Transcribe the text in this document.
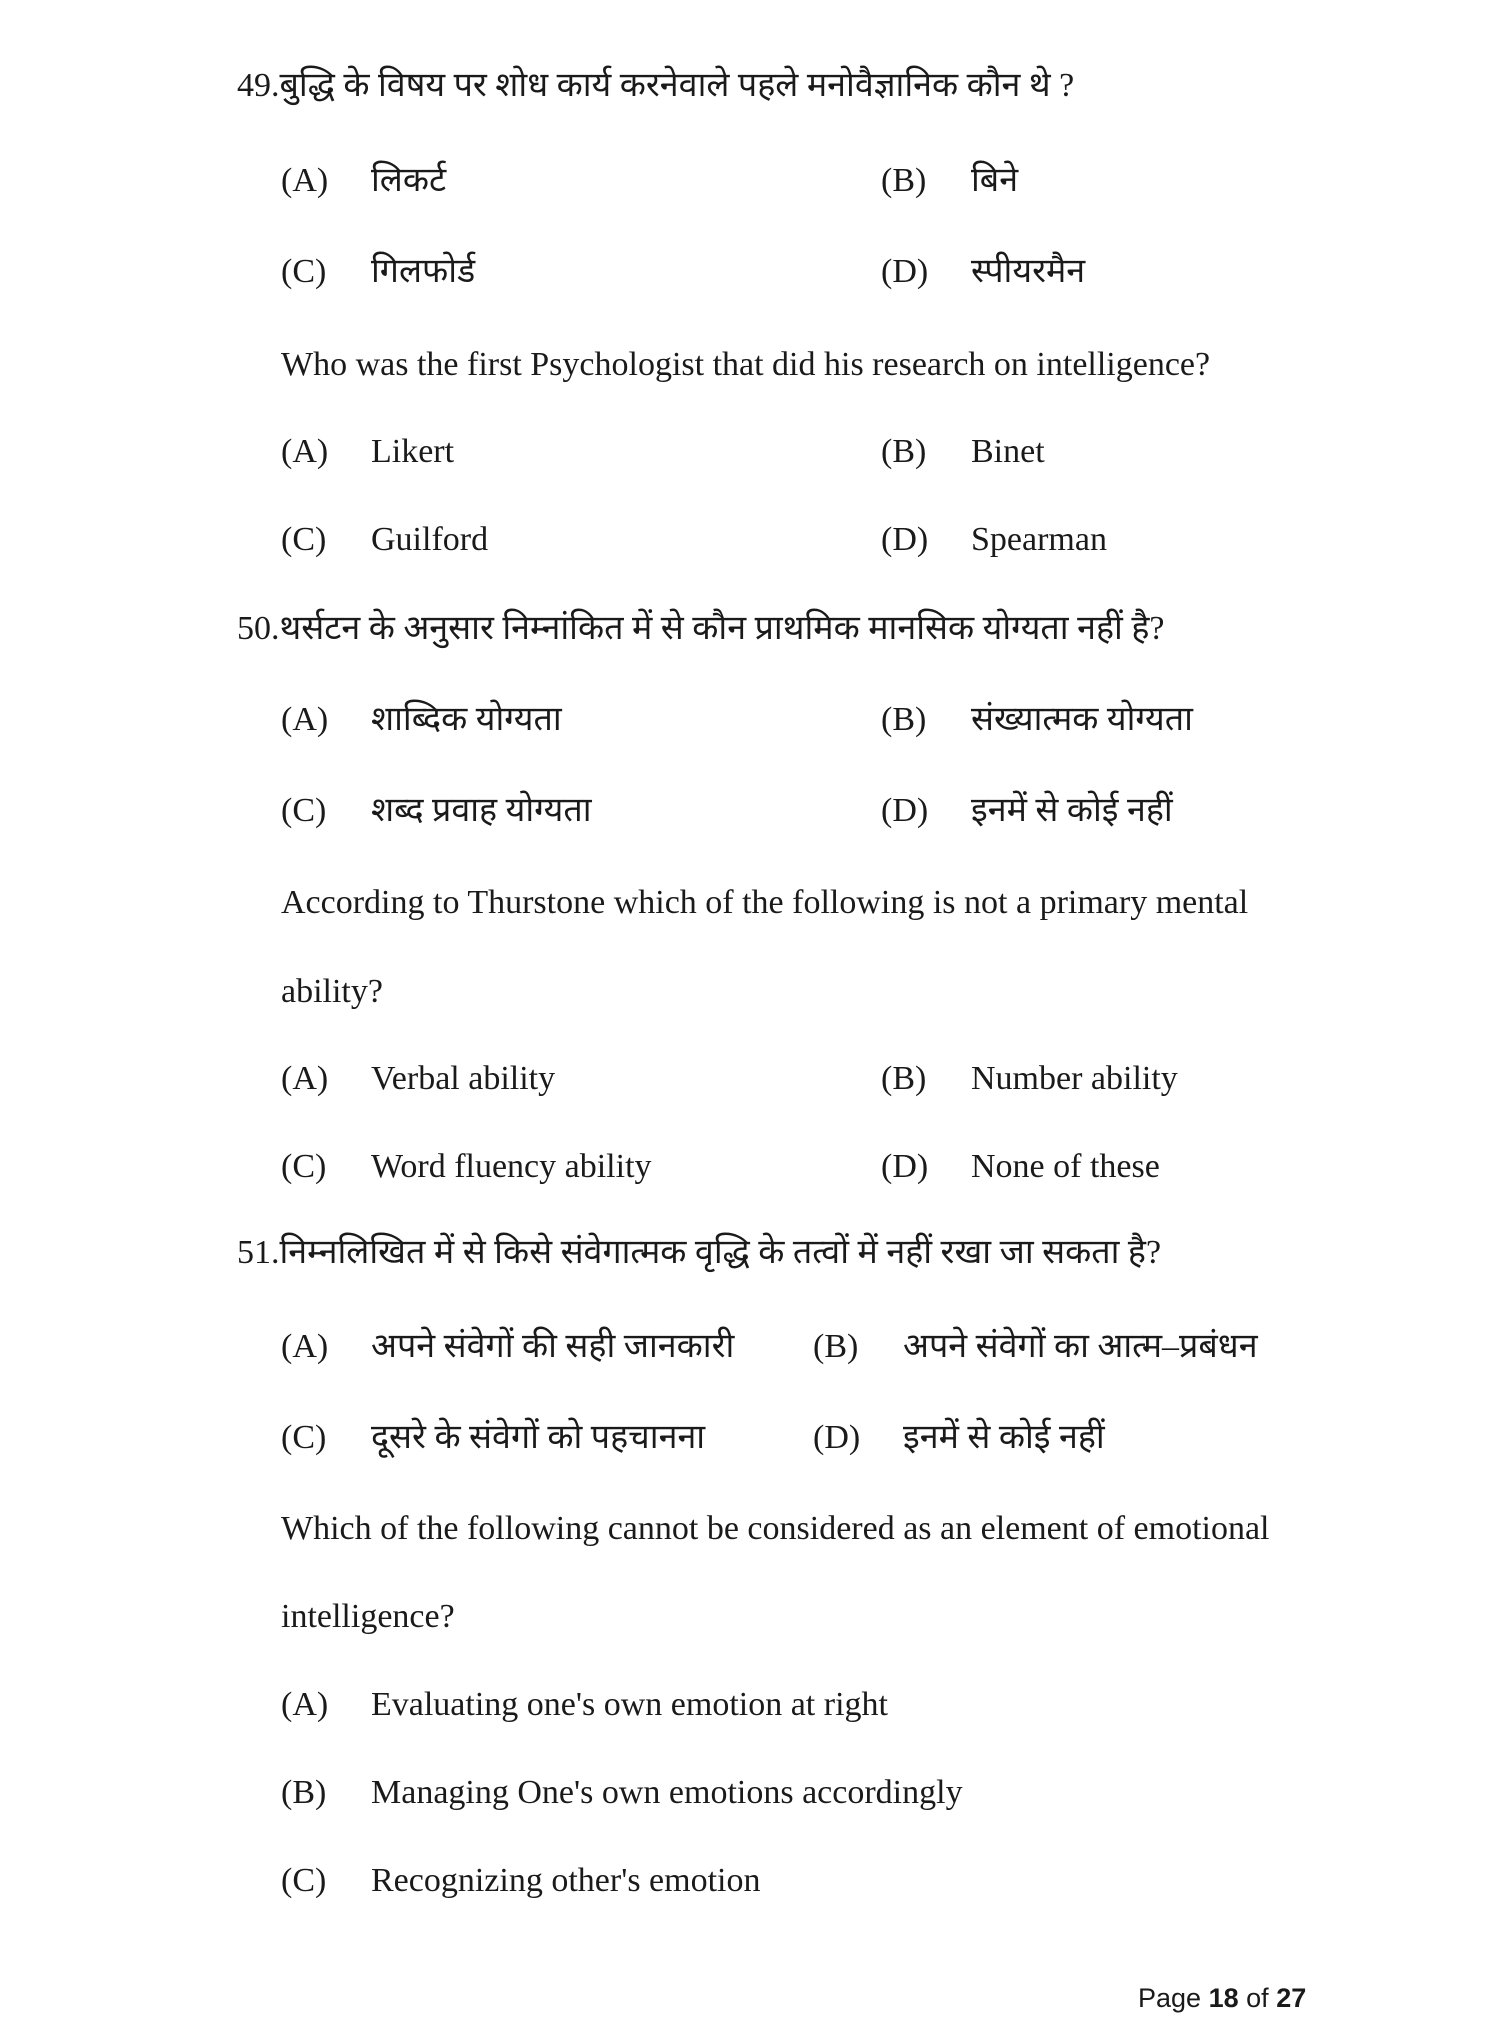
49.बुद्धि के विषय पर शोध कार्य करनेवाले पहले मनोवैज्ञानिक कौन थे ?
(A) लिकर्ट	(B) बिने
(C) गिलफोर्ड	(D) स्पीयरमैन
Who was the first Psychologist that did his research on intelligence?
(A) Likert	(B) Binet
(C) Guilford	(D) Spearman
50.थर्सटन के अनुसार निम्नांकित में से कौन प्राथमिक मानसिक योग्यता नहीं है?
(A) शाब्दिक योग्यता	(B) संख्यात्मक योग्यता
(C) शब्द प्रवाह योग्यता	(D) इनमें से कोई नहीं
According to Thurstone which of the following is not a primary mental
ability?
(A) Verbal ability	(B) Number ability
(C) Word fluency ability	(D) None of these
51.निम्नलिखित में से किसे संवेगात्मक वृद्धि के तत्वों में नहीं रखा जा सकता है?
(A) अपने संवेगों की सही जानकारी (B) अपने संवेगों का आत्म–प्रबंधन
(C) दूसरे के संवेगों को पहचानना	(D) इनमें से कोई नहीं
Which of the following cannot be considered as an element of emotional
intelligence?
(A) Evaluating one's own emotion at right
(B) Managing One's own emotions accordingly
(C) Recognizing other's emotion
Page 18 of 27
